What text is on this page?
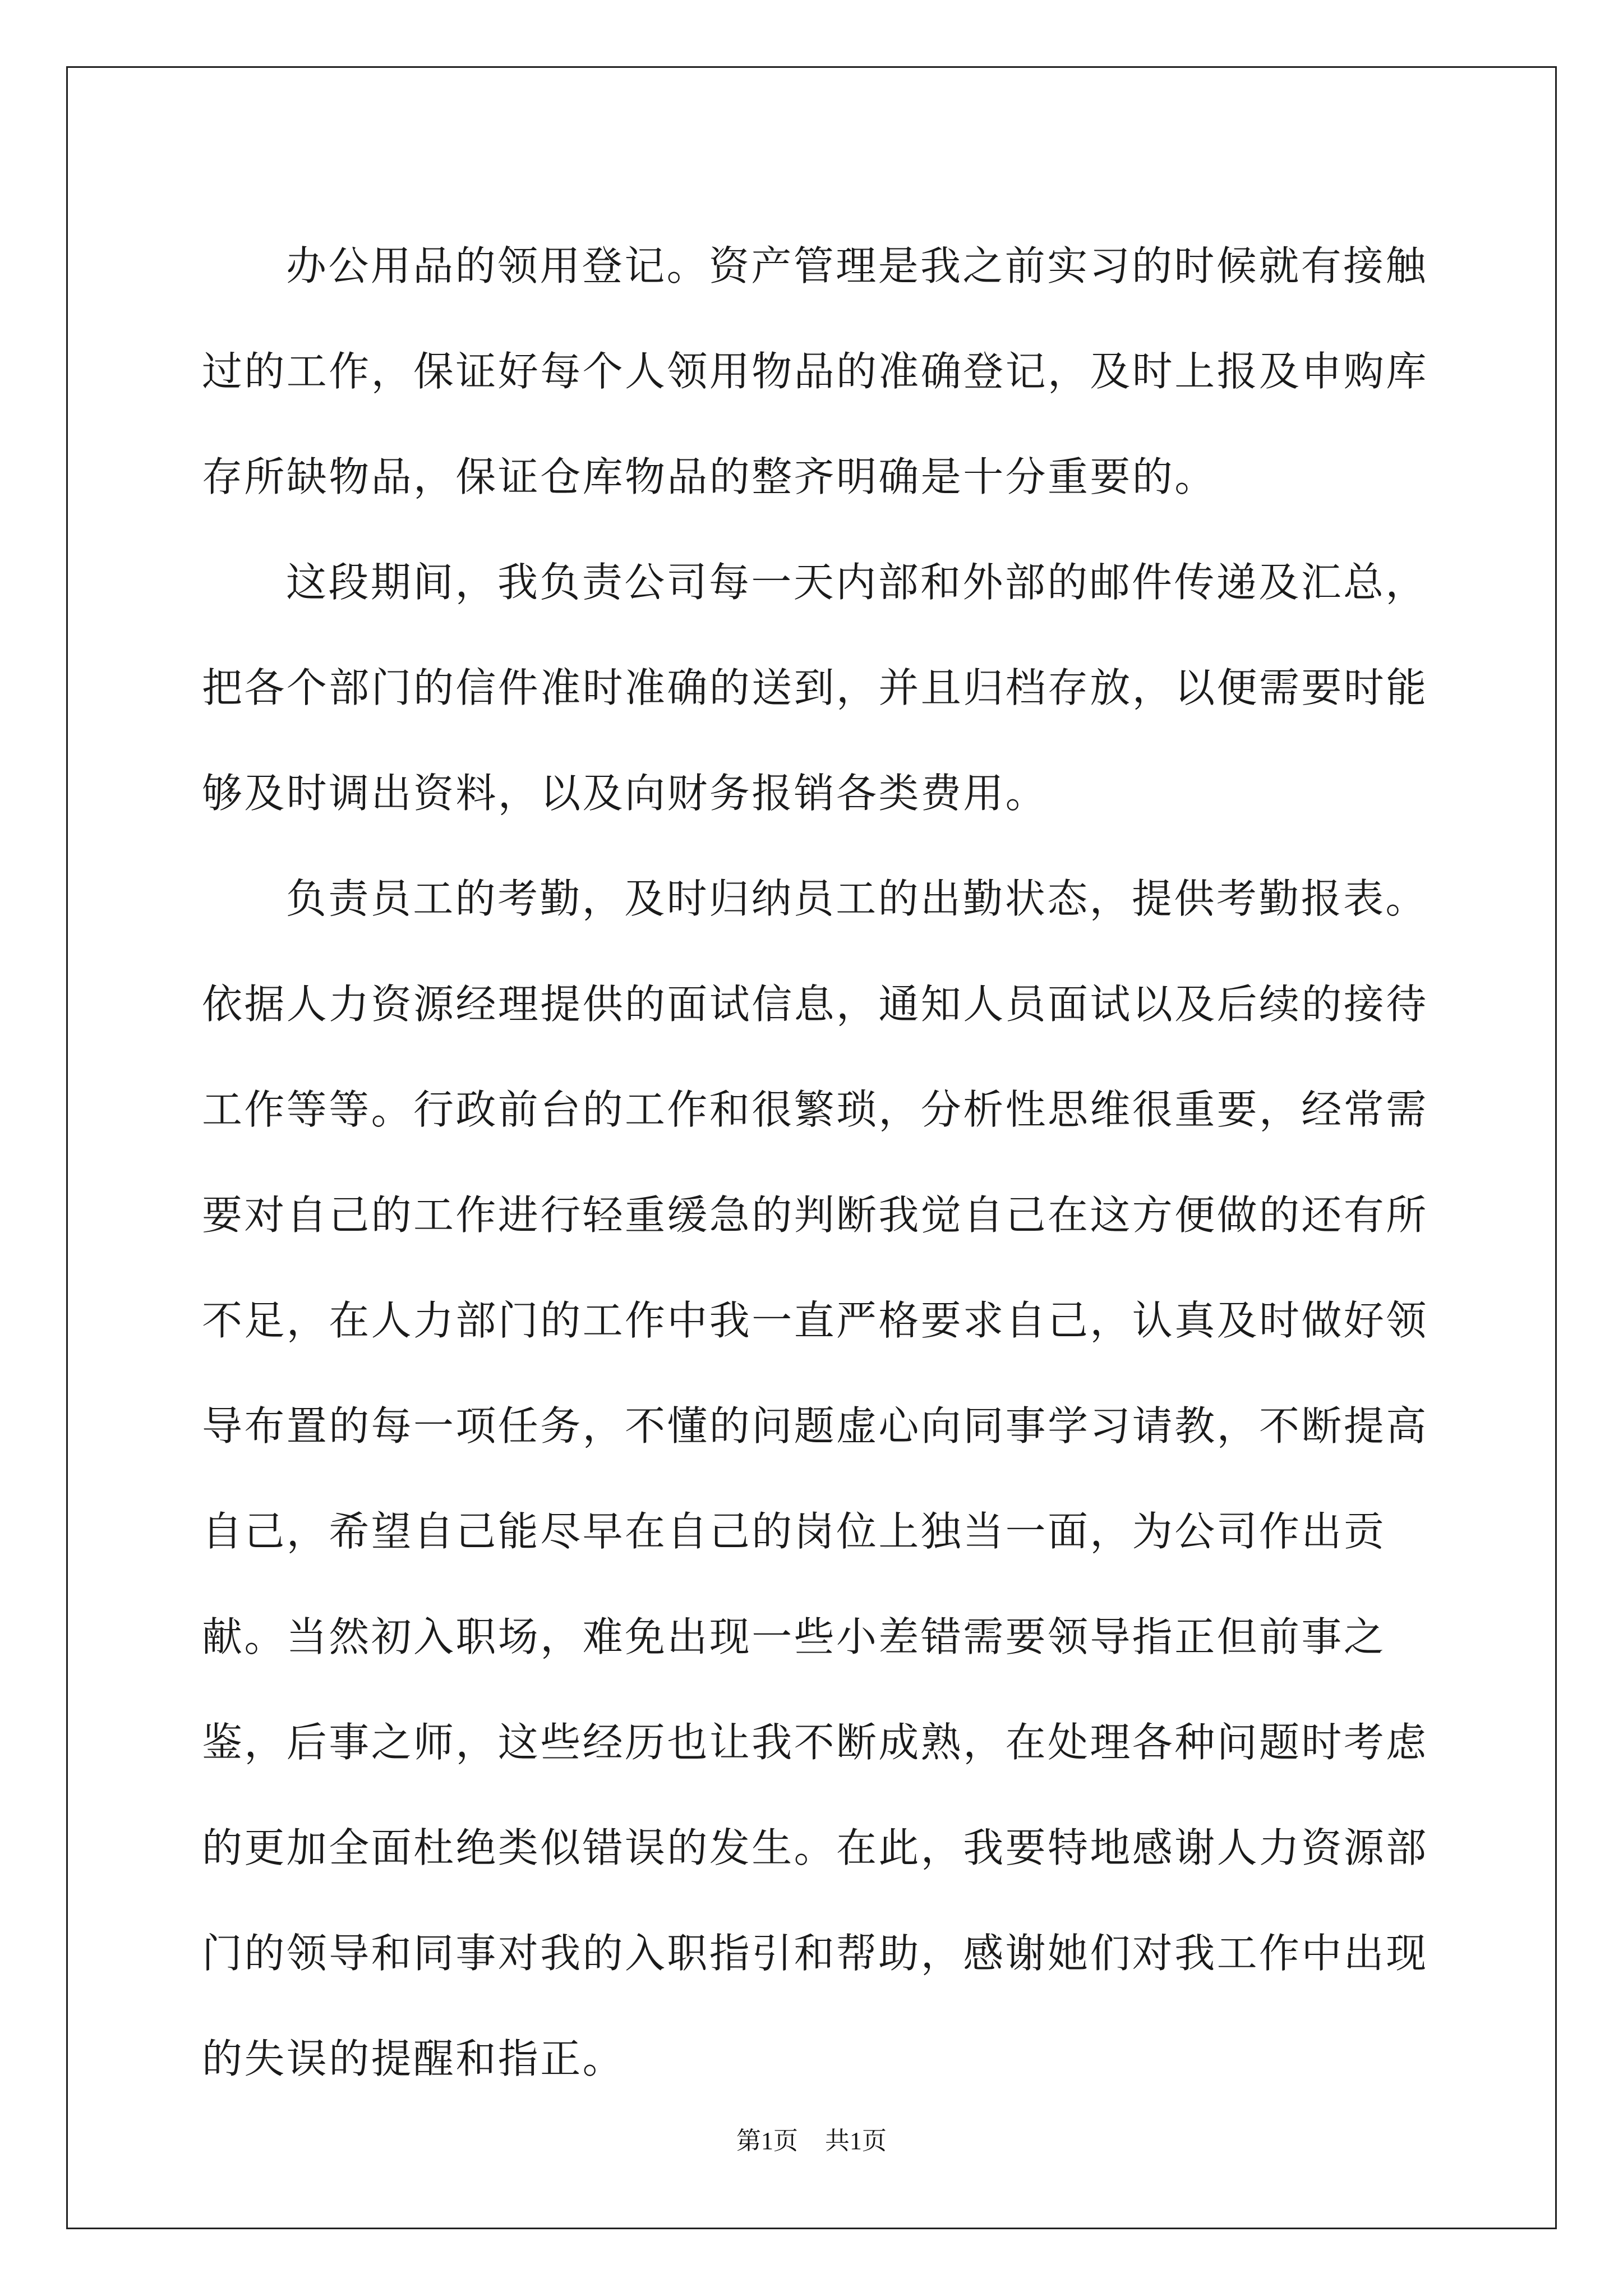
办公用品的领用登记。资产管理是我之前实习的时候就有接触过的工作，保证好每个人领用物品的准确登记，及时上报及申购库存所缺物品，保证仓库物品的整齐明确是十分重要的。

这段期间，我负责公司每一天内部和外部的邮件传递及汇总，把各个部门的信件准时准确的送到，并且归档存放，以便需要时能够及时调出资料，以及向财务报销各类费用。

负责员工的考勤，及时归纳员工的出勤状态，提供考勤报表。依据人力资源经理提供的面试信息，通知人员面试以及后续的接待工作等等。行政前台的工作和很繁琐，分析性思维很重要，经常需要对自己的工作进行轻重缓急的判断我觉自己在这方便做的还有所不足，在人力部门的工作中我一直严格要求自己，认真及时做好领导布置的每一项任务，不懂的问题虚心向同事学习请教，不断提高自己，希望自己能尽早在自己的岗位上独当一面，为公司作出贡献。当然初入职场，难免出现一些小差错需要领导指正但前事之鉴，后事之师，这些经历也让我不断成熟，在处理各种问题时考虑的更加全面杜绝类似错误的发生。在此，我要特地感谢人力资源部门的领导和同事对我的入职指引和帮助，感谢她们对我工作中出现的失误的提醒和指正。

第1页 共1页
